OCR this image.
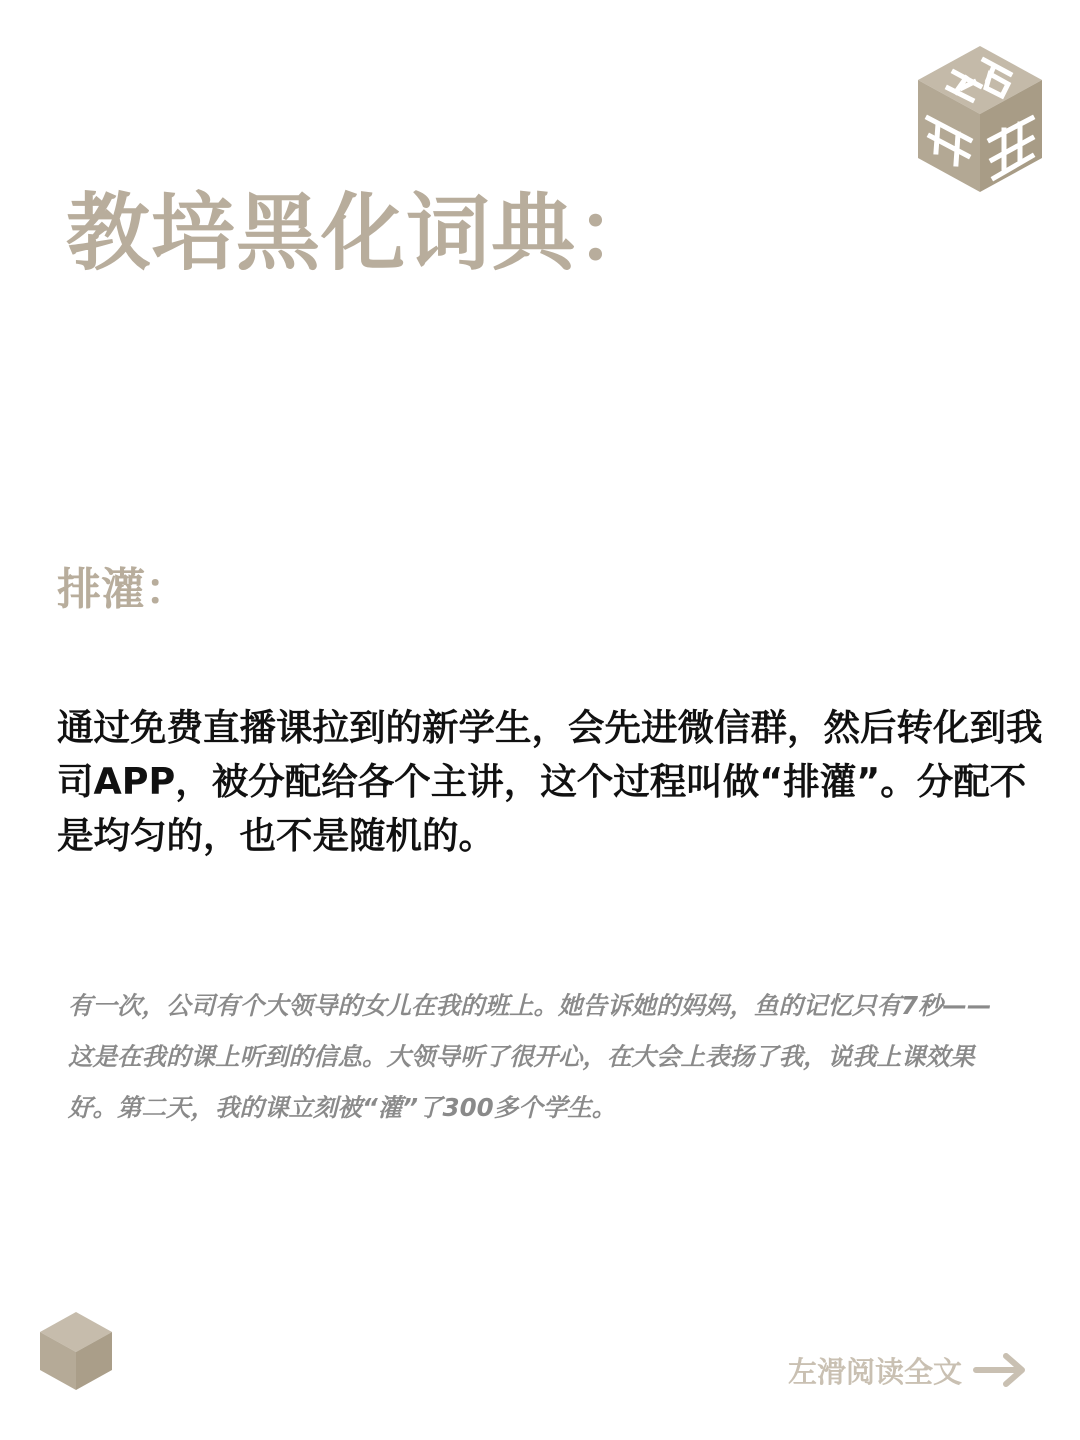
教培黑化词典：
排灌：

通过免费直播课拉到的新学生，会先进微信群，然后转化到我司APP，被分配给各个主讲，这个过程叫做“排灌”。分配不是均匀的，也不是随机的。

有一次，公司有个大领导的女儿在我的班上。她告诉她的妈妈，鱼的记忆只有7秒——这是在我的课上听到的信息。大领导听了很开心，在大会上表扬了我，说我上课效果好。第二天，我的课立刻被“灌”了300多个学生。

左滑阅读全文
